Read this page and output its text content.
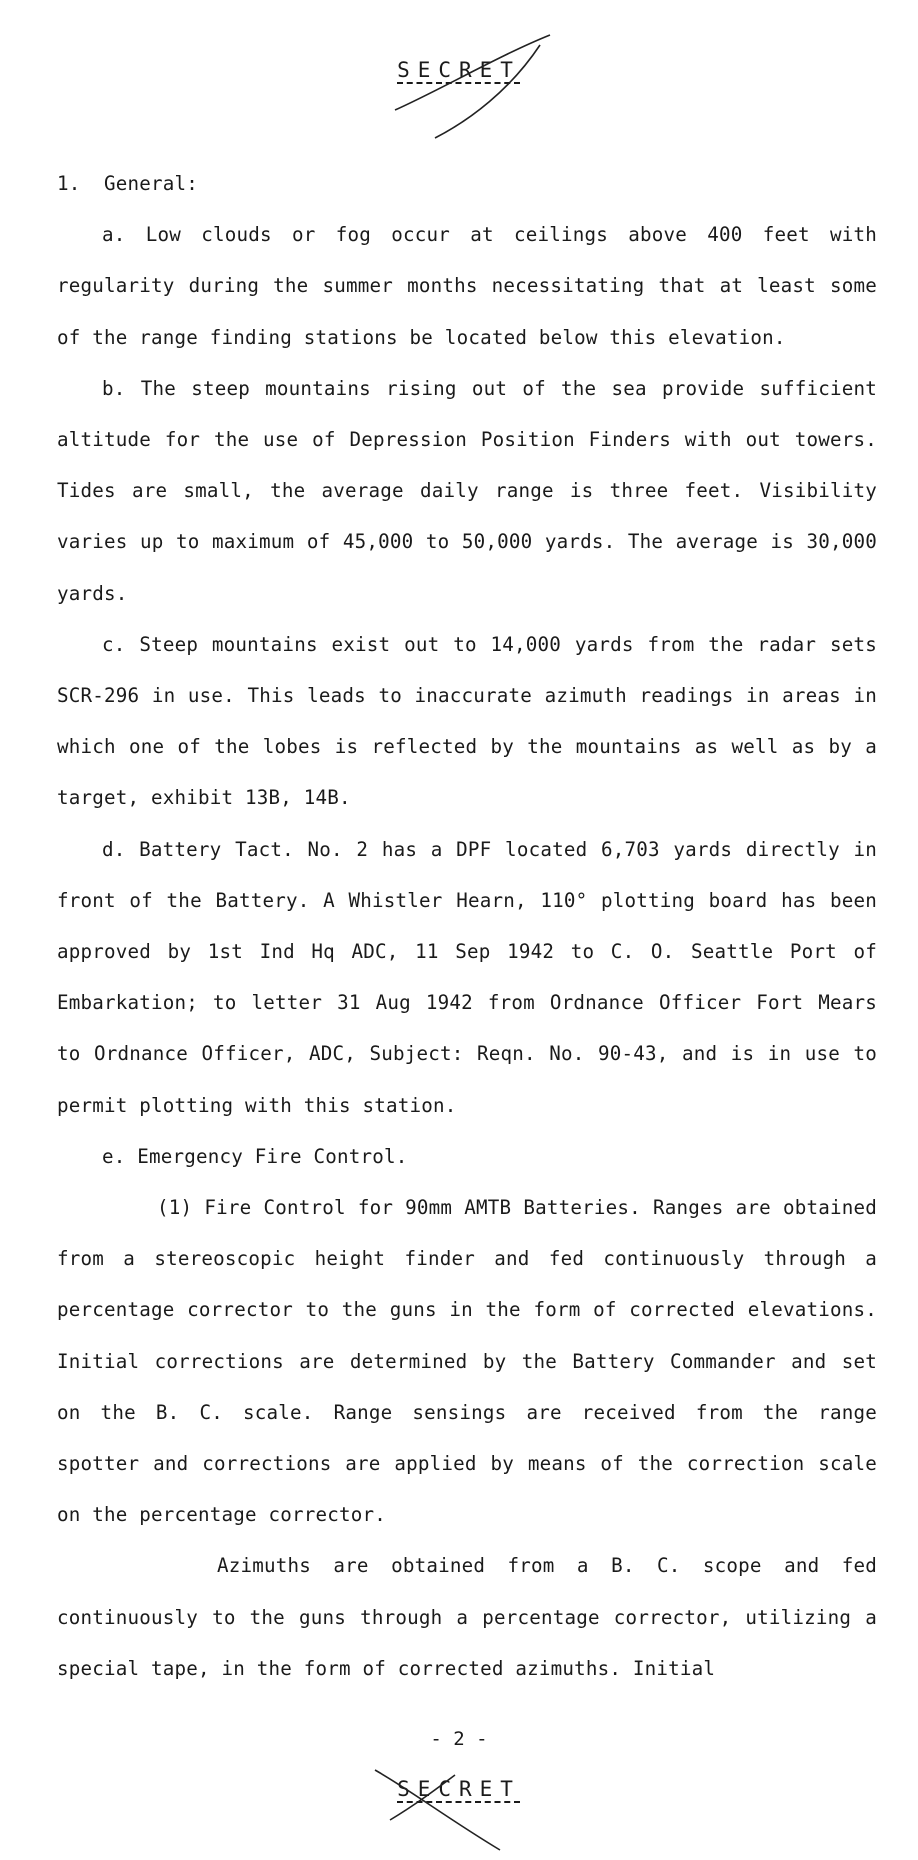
SECRET

1.  General:

a. Low clouds or fog occur at ceilings above 400 feet with regularity during the summer months necessitating that at least some of the range finding stations be located below this elevation.

b. The steep mountains rising out of the sea provide sufficient altitude for the use of Depression Position Finders with out towers. Tides are small, the average daily range is three feet. Visibility varies up to maximum of 45,000 to 50,000 yards. The average is 30,000 yards.

c. Steep mountains exist out to 14,000 yards from the radar sets SCR-296 in use. This leads to inaccurate azimuth readings in areas in which one of the lobes is reflected by the mountains as well as by a target, exhibit 13B, 14B.

d. Battery Tact. No. 2 has a DPF located 6,703 yards directly in front of the Battery. A Whistler Hearn, 110° plotting board has been approved by 1st Ind Hq ADC, 11 Sep 1942 to C. O. Seattle Port of Embarkation; to letter 31 Aug 1942 from Ordnance Officer Fort Mears to Ordnance Officer, ADC, Subject: Reqn. No. 90-43, and is in use to permit plotting with this station.

e. Emergency Fire Control.

(1) Fire Control for 90mm AMTB Batteries. Ranges are obtained from a stereoscopic height finder and fed continuously through a percentage corrector to the guns in the form of corrected elevations. Initial corrections are determined by the Battery Commander and set on the B. C. scale. Range sensings are received from the range spotter and corrections are applied by means of the correction scale on the percentage corrector.

Azimuths are obtained from a B. C. scope and fed continuously to the guns through a percentage corrector, utilizing a special tape, in the form of corrected azimuths. Initial

- 2 -
SECRET
